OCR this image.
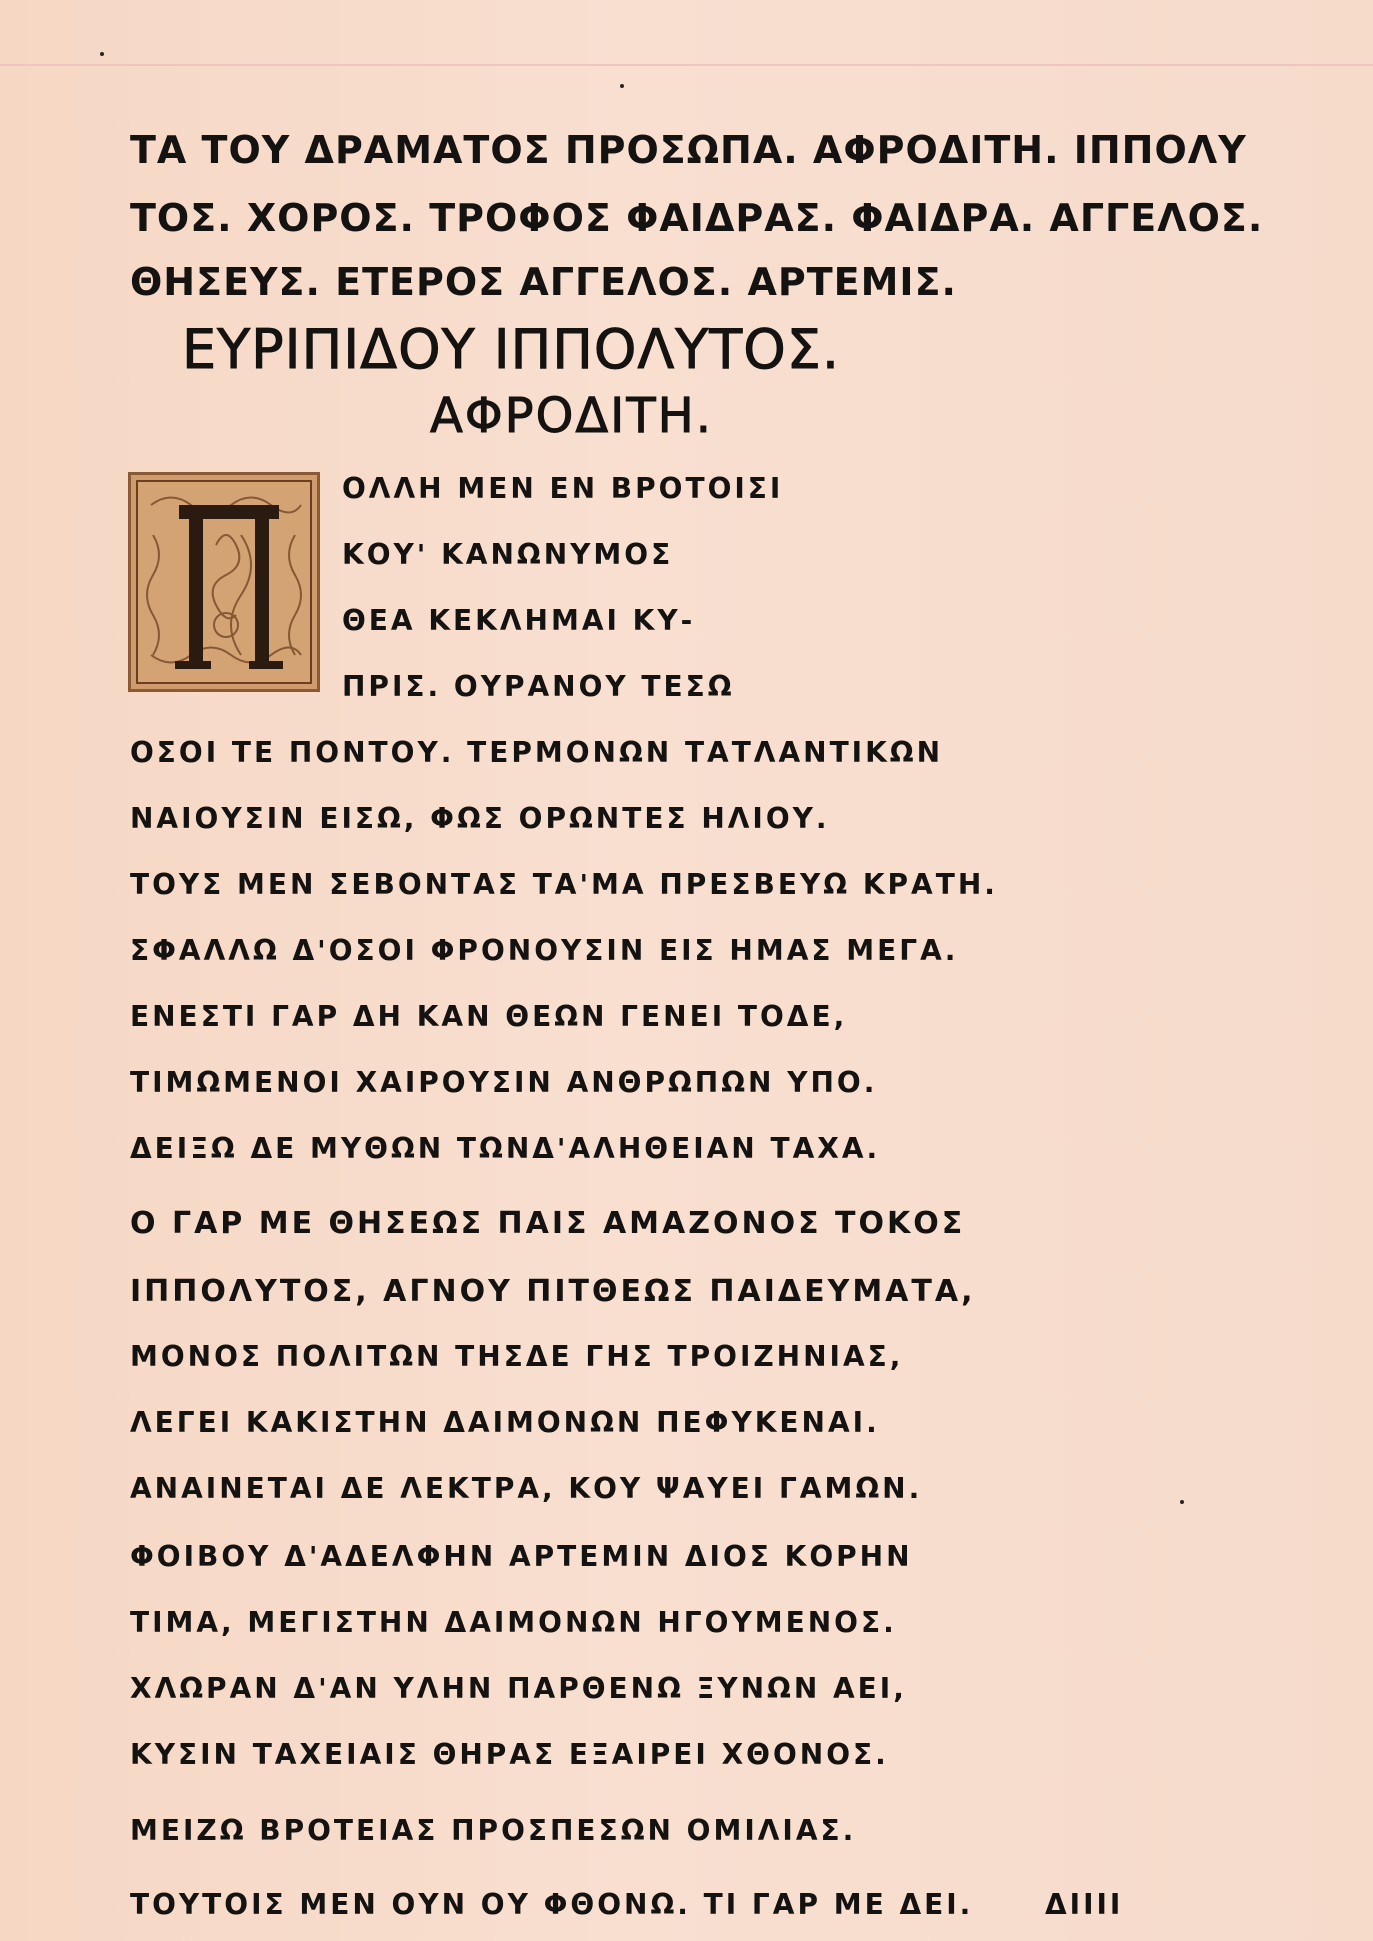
ΤΑ ΤΟΥ ΔΡΑΜΑΤΟΣ ΠΡΟΣΩΠΑ. ΑΦΡΟΔΙΤΗ. ΙΠΠΟΛΥ
ΤΟΣ. ΧΟΡΟΣ. ΤΡΟΦΟΣ ΦΑΙΔΡΑΣ. ΦΑΙΔΡΑ. ΑΓΓΕΛΟΣ.
ΘΗΣΕΥΣ. ΕΤΕΡΟΣ ΑΓΓΕΛΟΣ. ΑΡΤΕΜΙΣ.
ΕΥΡΙΠΙΔΟΥ ΙΠΠΟΛΥΤΟΣ.
ΑΦΡΟΔΙΤΗ.
ΟΛΛΗ ΜΕΝ ΕΝ ΒΡΟΤΟΙΣΙ
ΚΟΥ' ΚΑΝΩΝΥΜΟΣ
ΘΕΑ ΚΕΚΛΗΜΑΙ ΚΥ-
ΠΡΙΣ. ΟΥΡΑΝΟΥ ΤΕΣΩ
ΟΣΟΙ ΤΕ ΠΟΝΤΟΥ. ΤΕΡΜΟΝΩΝ ΤΑΤΛΑΝΤΙΚΩΝ
ΝΑΙΟΥΣΙΝ ΕΙΣΩ, ΦΩΣ ΟΡΩΝΤΕΣ ΗΛΙΟΥ.
ΤΟΥΣ ΜΕΝ ΣΕΒΟΝΤΑΣ ΤΑ'ΜΑ ΠΡΕΣΒΕΥΩ ΚΡΑΤΗ.
ΣΦΑΛΛΩ Δ'ΟΣΟΙ ΦΡΟΝΟΥΣΙΝ ΕΙΣ ΗΜΑΣ ΜΕΓΑ.
ΕΝΕΣΤΙ ΓΑΡ ΔΗ ΚΑΝ ΘΕΩΝ ΓΕΝΕΙ ΤΟΔΕ,
ΤΙΜΩΜΕΝΟΙ ΧΑΙΡΟΥΣΙΝ ΑΝΘΡΩΠΩΝ ΥΠΟ.
ΔΕΙΞΩ ΔΕ ΜΥΘΩΝ ΤΩΝΔ'ΑΛΗΘΕΙΑΝ ΤΑΧΑ.
Ο ΓΑΡ ΜΕ ΘΗΣΕΩΣ ΠΑΙΣ ΑΜΑΖΟΝΟΣ ΤΟΚΟΣ
ΙΠΠΟΛΥΤΟΣ, ΑΓΝΟΥ ΠΙΤΘΕΩΣ ΠΑΙΔΕΥΜΑΤΑ,
ΜΟΝΟΣ ΠΟΛΙΤΩΝ ΤΗΣΔΕ ΓΗΣ ΤΡΟΙΖΗΝΙΑΣ,
ΛΕΓΕΙ ΚΑΚΙΣΤΗΝ ΔΑΙΜΟΝΩΝ ΠΕΦΥΚΕΝΑΙ.
ΑΝΑΙΝΕΤΑΙ ΔΕ ΛΕΚΤΡΑ, ΚΟΥ ΨΑΥΕΙ ΓΑΜΩΝ.
ΦΟΙΒΟΥ Δ'ΑΔΕΛΦΗΝ ΑΡΤΕΜΙΝ ΔΙΟΣ ΚΟΡΗΝ
ΤΙΜΑ, ΜΕΓΙΣΤΗΝ ΔΑΙΜΟΝΩΝ ΗΓΟΥΜΕΝΟΣ.
ΧΛΩΡΑΝ Δ'ΑΝ ΥΛΗΝ ΠΑΡΘΕΝΩ ΞΥΝΩΝ ΑΕΙ,
ΚΥΣΙΝ ΤΑΧΕΙΑΙΣ ΘΗΡΑΣ ΕΞΑΙΡΕΙ ΧΘΟΝΟΣ.
ΜΕΙΖΩ ΒΡΟΤΕΙΑΣ ΠΡΟΣΠΕΣΩΝ ΟΜΙΛΙΑΣ.
ΤΟΥΤΟΙΣ ΜΕΝ ΟΥΝ ΟΥ ΦΘΟΝΩ. ΤΙ ΓΑΡ ΜΕ ΔΕΙ.	ΔΙΙΙΙ
